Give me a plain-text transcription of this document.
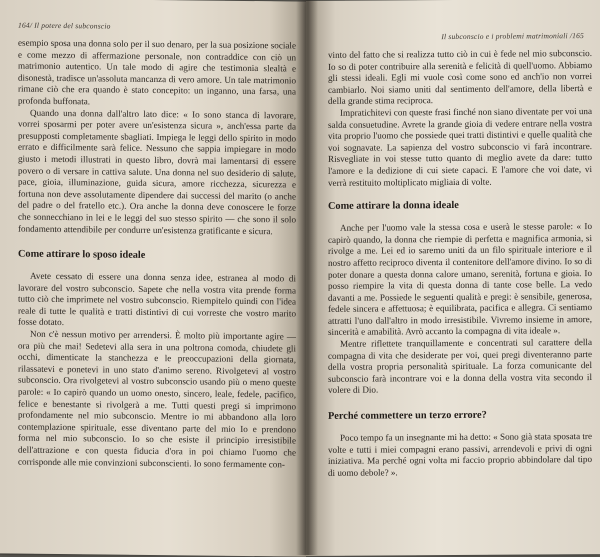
164/ Il potere del subconscio

esempio sposa una donna solo per il suo denaro, per la sua posizione sociale e come mezzo di affermazione personale, non contraddice con ciò un matrimonio autentico. Un tale modo di agire che testimonia slealtà e disonestà, tradisce un'assoluta mancanza di vero amore. Un tale matrimonio rimane ciò che era quando è stato concepito: un inganno, una farsa, una profonda buffonata.

Quando una donna dall'altro lato dice: « Io sono stanca di lavorare, vorrei sposarmi per poter avere un'esistenza sicura », anch'essa parte da presupposti completamente sbagliati. Impiega le leggi dello spirito in modo errato e difficilmente sarà felice. Nessuno che sappia impiegare in modo giusto i metodi illustrati in questo libro, dovrà mai lamentarsi di essere povero o di versare in cattiva salute. Una donna nel suo desiderio di salute, pace, gioia, illuminazione, guida sicura, amore ricchezza, sicurezza e fortuna non deve assolutamente dipendere dai successi del marito (o anche del padre o del fratello etc.). Ora anche la donna deve conoscere le forze che sonnecchiano in lei e le leggi del suo stesso spirito — che sono il solo fondamento attendibile per condurre un'esistenza gratificante e sicura.

Come attirare lo sposo ideale

Avete cessato di essere una donna senza idee, estranea al modo di lavorare del vostro subconscio. Sapete che nella vostra vita prende forma tutto ciò che imprimete nel vostro subconscio. Riempitelo quindi con l'idea reale di tutte le qualità e tratti distintivi di cui vorreste che vostro marito fosse dotato.

Non c'è nessun motivo per arrendersi. È molto più importante agire — ora più che mai! Sedetevi alla sera in una poltrona comoda, chiudete gli occhi, dimenticate la stanchezza e le preoccupazioni della giornata, rilassatevi e ponetevi in uno stato d'animo sereno. Rivolgetevi al vostro subconscio. Ora rivolgetevi al vostro subconscio usando più o meno queste parole: « Io capirò quando un uomo onesto, sincero, leale, fedele, pacifico, felice e benestante si rivolgerà a me. Tutti questi pregi si imprimono profondamente nel mio subconscio. Mentre io mi abbandono alla loro contemplazione spirituale, esse diventano parte del mio Io e prendono forma nel mio subconscio. Io so che esiste il principio irresistibile dell'attrazione e con questa fiducia d'ora in poi chiamo l'uomo che corrisponde alle mie convinzioni subconscienti. Io sono fermamente con-

Il subconscio e i problemi matrimoniali /165

vinto del fatto che si realizza tutto ciò in cui è fede nel mio subconscio. Io so di poter contribuire alla serenità e felicità di quell'uomo. Abbiamo gli stessi ideali. Egli mi vuole così come sono ed anch'io non vorrei cambiarlo. Noi siamo uniti dal sentimento dell'amore, della libertà e della grande stima reciproca.

Impratichitevi con queste frasi finché non siano diventate per voi una salda consuetudine. Avrete la grande gioia di vedere entrare nella vostra vita proprio l'uomo che possiede quei tratti distintivi e quelle qualità che voi sognavate. La sapienza del vostro subconscio vi farà incontrare. Risvegliate in voi stesse tutto quanto di meglio avete da dare: tutto l'amore e la dedizione di cui siete capaci. E l'amore che voi date, vi verrà restituito moltiplicato migliaia di volte.

Come attirare la donna ideale

Anche per l'uomo vale la stessa cosa e userà le stesse parole: « Io capirò quando, la donna che riempie di perfetta e magnifica armonia, si rivolge a me. Lei ed io saremo uniti da un filo spirituale interiore e il nostro affetto reciproco diventa il contenitore dell'amore divino. Io so di poter donare a questa donna calore umano, serenità, fortuna e gioia. Io posso riempire la vita di questa donna di tante cose belle. La vedo davanti a me. Possiede le seguenti qualità e pregi: è sensibile, generosa, fedele sincera e affettuosa; è equilibrata, pacifica e allegra. Ci sentiamo attratti l'uno dall'altro in modo irresistibile. Vivremo insieme in amore, sincerità e amabilità. Avrò accanto la compagna di vita ideale ».

Mentre riflettete tranquillamente e concentrati sul carattere della compagna di vita che desiderate per voi, quei pregi diventeranno parte della vostra propria personalità spirituale. La forza comunicante del subconscio farà incontrare voi e la donna della vostra vita secondo il volere di Dio.

Perché commettere un terzo errore?

Poco tempo fa un insegnante mi ha detto: « Sono già stata sposata tre volte e tutti i miei compagni erano passivi, arrendevoli e privi di ogni iniziativa. Ma perché ogni volta mi faccio proprio abbindolare dal tipo di uomo debole? ».
